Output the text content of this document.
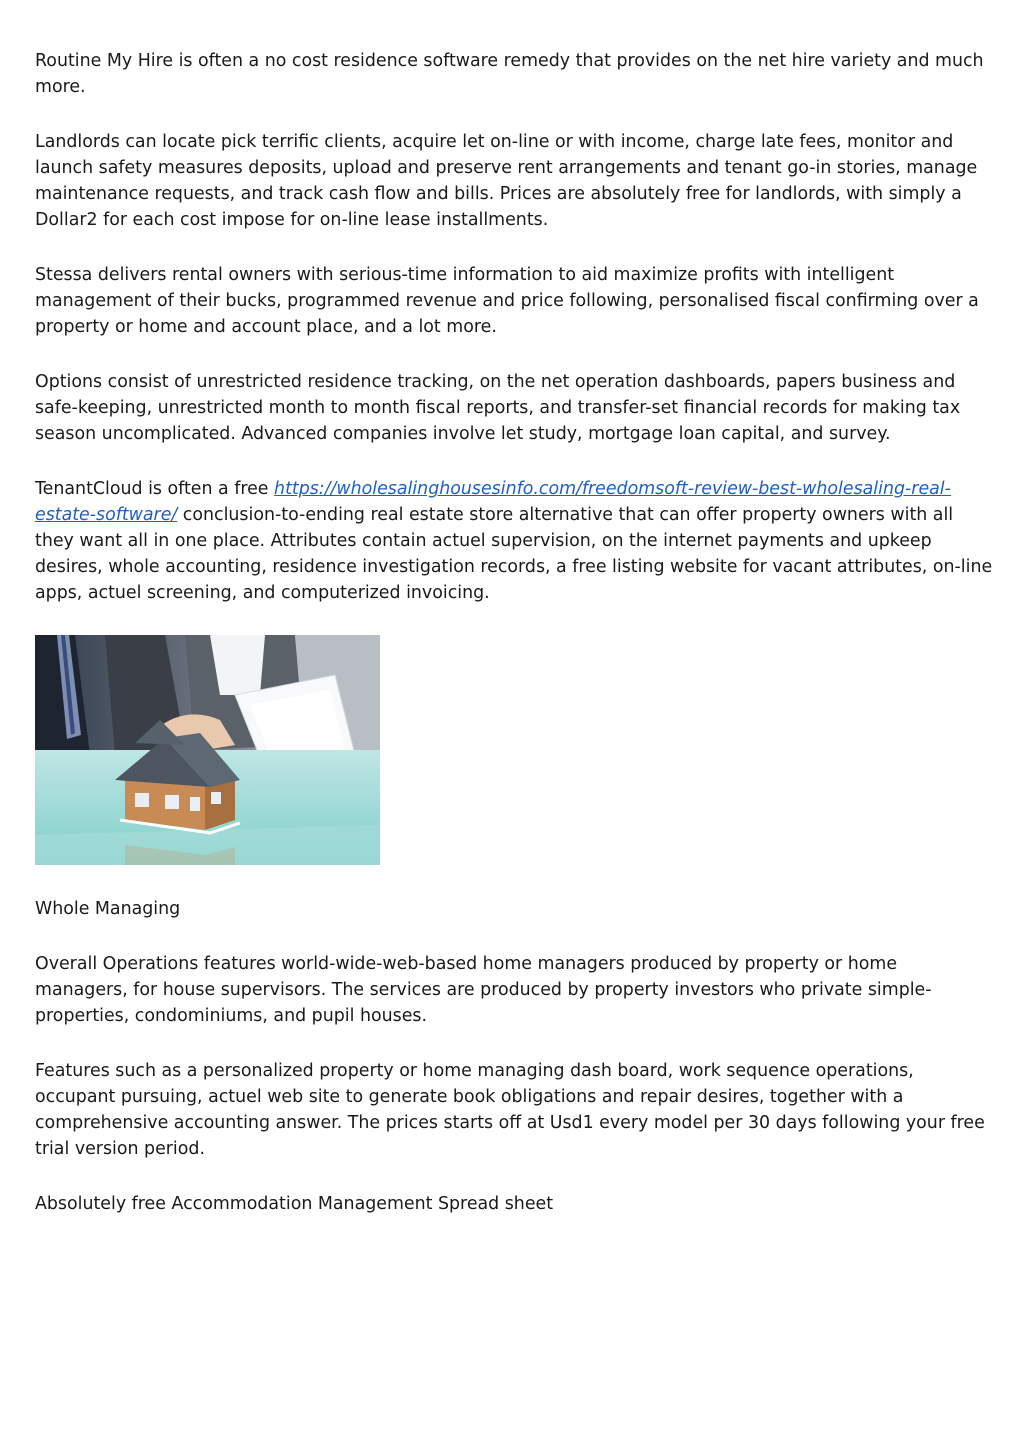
Routine My Hire is often a no cost residence software remedy that provides on the net hire variety and much more.

Landlords can locate pick terrific clients, acquire let on-line or with income, charge late fees, monitor and launch safety measures deposits, upload and preserve rent arrangements and tenant go-in stories, manage maintenance requests, and track cash flow and bills. Prices are absolutely free for landlords, with simply a Dollar2 for each cost impose for on-line lease installments.

Stessa delivers rental owners with serious-time information to aid maximize profits with intelligent management of their bucks, programmed revenue and price following, personalised fiscal confirming over a property or home and account place, and a lot more.

Options consist of unrestricted residence tracking, on the net operation dashboards, papers business and safe-keeping, unrestricted month to month fiscal reports, and transfer-set financial records for making tax season uncomplicated. Advanced companies involve let study, mortgage loan capital, and survey.

TenantCloud is often a free https://wholesalinghousesinfo.com/freedomsoft-review-best-wholesaling-real-estate-software/ conclusion-to-ending real estate store alternative that can offer property owners with all they want all in one place. Attributes contain actuel supervision, on the internet payments and upkeep desires, whole accounting, residence investigation records, a free listing website for vacant attributes, on-line apps, actuel screening, and computerized invoicing.

Whole Managing

Overall Operations features world-wide-web-based home managers produced by property or home managers, for house supervisors. The services are produced by property investors who private simple-properties, condominiums, and pupil houses.

Features such as a personalized property or home managing dash board, work sequence operations, occupant pursuing, actuel web site to generate book obligations and repair desires, together with a comprehensive accounting answer. The prices starts off at Usd1 every model per 30 days following your free trial version period.

Absolutely free Accommodation Management Spread sheet
